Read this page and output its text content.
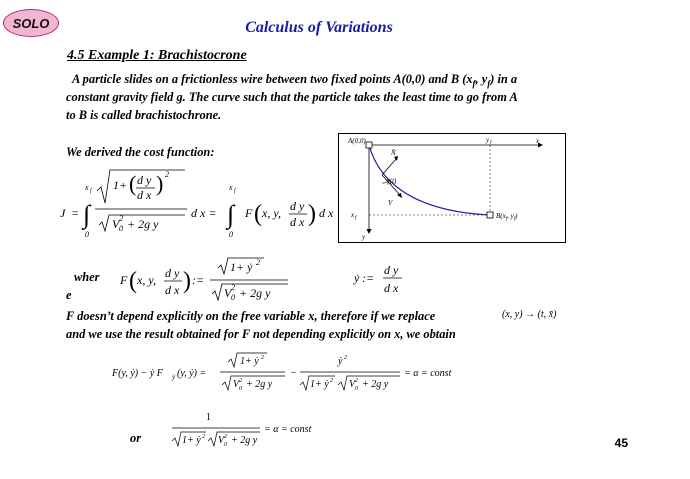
SOLO	Calculus of Variations
4.5 Example 1: Brachistocrone
A particle slides on a frictionless wire between two fixed points A(0,0) and B ($x_f$, $y_f$) in a
constant gravity field g. The curve such that the particle takes the least time to go from A
to B is called brachistochrone.
We derived the cost function:
J = ∫
x f
0
1+ ( d y
d x ) 2
V 2
0 + 2g y
d x = ∫
x f
0
F ( x, y, d y
d x ) d x
A(0,0)	y f	x
N̂
γ(t)
V
x f
y
$B(x_f$, $y_f$)
wher
e
F ( x, y, d y
d x ) :=
1+ ẏ 2
V 2
0 + 2g y
ẏ :=
d y
d x
F doesn’t depend explicitly on the free variable x, therefore if we replace	(x, y) → (t, x̄)
and we use the result obtained for F not depending explicitly on x, we obtain
F(y, ẏ) − ẏ F ẏ (y, ẏ) =
1+ ẏ 2
V 2
0 + 2g y
−
ẏ 2
1+ ẏ 2 V 2
0 + 2g y
= α = const
or
1
1+ ẏ 2 V 2
0 + 2g y
= α = const
45
